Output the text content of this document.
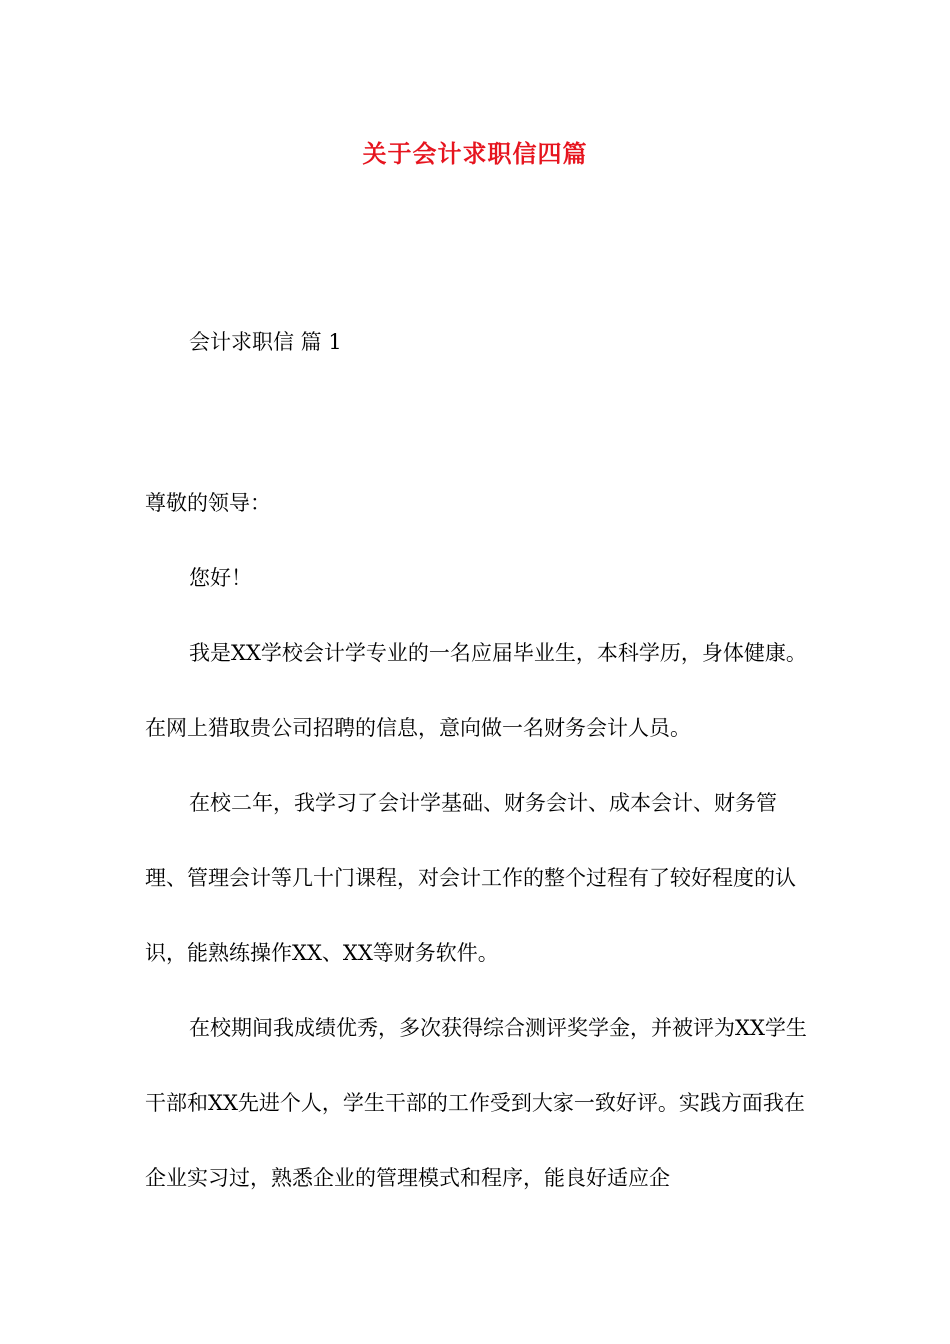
关于会计求职信四篇
会计求职信 篇 1

尊敬的领导：

您好！

我是XX学校会计学专业的一名应届毕业生，本科学历，身体健康。在网上猎取贵公司招聘的信息，意向做一名财务会计人员。

在校二年，我学习了会计学基础、财务会计、成本会计、财务管理、管理会计等几十门课程，对会计工作的整个过程有了较好程度的认识，能熟练操作XX、XX等财务软件。

在校期间我成绩优秀，多次获得综合测评奖学金，并被评为XX学生干部和XX先进个人，学生干部的工作受到大家一致好评。实践方面我在企业实习过，熟悉企业的管理模式和程序，能良好适应企
